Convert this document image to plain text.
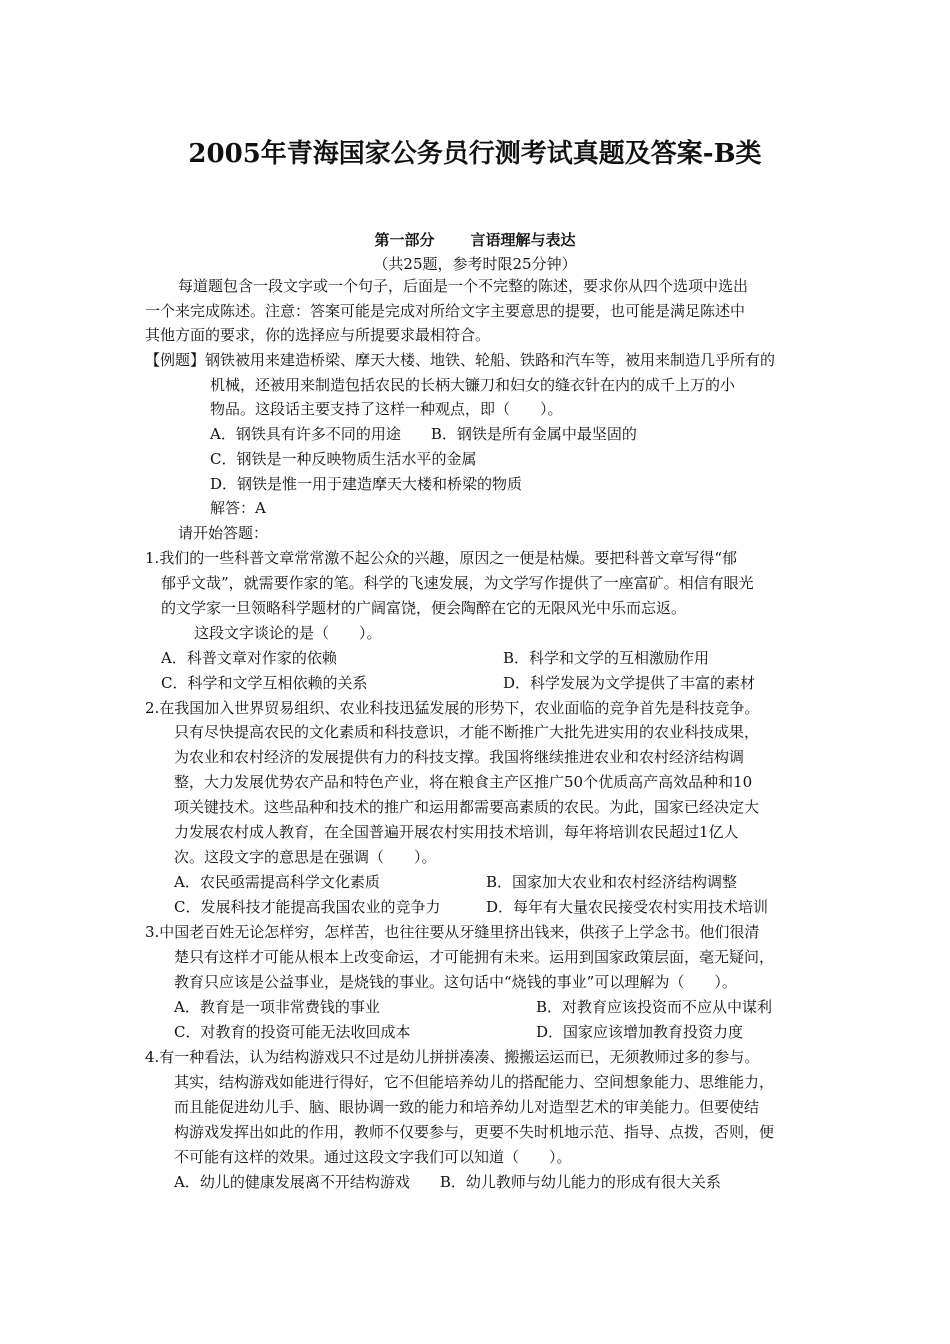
2005年青海国家公务员行测考试真题及答案-B类
第一部分 言语理解与表达
（共25题，参考时限25分钟）
每道题包含一段文字或一个句子，后面是一个不完整的陈述，要求你从四个选项中选出
一个来完成陈述。注意：答案可能是完成对所给文字主要意思的提要，也可能是满足陈述中
其他方面的要求，你的选择应与所提要求最相符合。
【例题】钢铁被用来建造桥梁、摩天大楼、地铁、轮船、铁路和汽车等，被用来制造几乎所有的
机械，还被用来制造包括农民的长柄大镰刀和妇女的缝衣针在内的成千上万的小
物品。这段话主要支持了这样一种观点，即（　　）。
A．钢铁具有许多不同的用途　　B．钢铁是所有金属中最坚固的
C．钢铁是一种反映物质生活水平的金属
D．钢铁是惟一用于建造摩天大楼和桥梁的物质
解答：A
请开始答题：
1.我们的一些科普文章常常激不起公众的兴趣，原因之一便是枯燥。要把科普文章写得“郁
郁乎文哉”，就需要作家的笔。科学的飞速发展，为文学写作提供了一座富矿。相信有眼光
的文学家一旦领略科学题材的广阔富饶，便会陶醉在它的无限风光中乐而忘返。
这段文字谈论的是（　　）。
A．科普文章对作家的依赖	B．科学和文学的互相激励作用
C．科学和文学互相依赖的关系	D．科学发展为文学提供了丰富的素材
2.在我国加入世界贸易组织、农业科技迅猛发展的形势下，农业面临的竞争首先是科技竞争。
只有尽快提高农民的文化素质和科技意识，才能不断推广大批先进实用的农业科技成果，
为农业和农村经济的发展提供有力的科技支撑。我国将继续推进农业和农村经济结构调
整，大力发展优势农产品和特色产业，将在粮食主产区推广50个优质高产高效品种和10
项关键技术。这些品种和技术的推广和运用都需要高素质的农民。为此，国家已经决定大
力发展农村成人教育，在全国普遍开展农村实用技术培训，每年将培训农民超过1亿人
次。这段文字的意思是在强调（　　）。
A．农民亟需提高科学文化素质	B．国家加大农业和农村经济结构调整
C．发展科技才能提高我国农业的竞争力	D．每年有大量农民接受农村实用技术培训
3.中国老百姓无论怎样穷，怎样苦，也往往要从牙缝里挤出钱来，供孩子上学念书。他们很清
楚只有这样才可能从根本上改变命运，才可能拥有未来。运用到国家政策层面，毫无疑问，
教育只应该是公益事业，是烧钱的事业。这句话中“烧钱的事业”可以理解为（　　）。
A．教育是一项非常费钱的事业	B．对教育应该投资而不应从中谋利
C．对教育的投资可能无法收回成本	D．国家应该增加教育投资力度
4.有一种看法，认为结构游戏只不过是幼儿拼拼凑凑、搬搬运运而已，无须教师过多的参与。
其实，结构游戏如能进行得好，它不但能培养幼儿的搭配能力、空间想象能力、思维能力，
而且能促进幼儿手、脑、眼协调一致的能力和培养幼儿对造型艺术的审美能力。但要使结
构游戏发挥出如此的作用，教师不仅要参与，更要不失时机地示范、指导、点拨，否则，便
不可能有这样的效果。通过这段文字我们可以知道（　　）。
A．幼儿的健康发展离不开结构游戏　　B．幼儿教师与幼儿能力的形成有很大关系
